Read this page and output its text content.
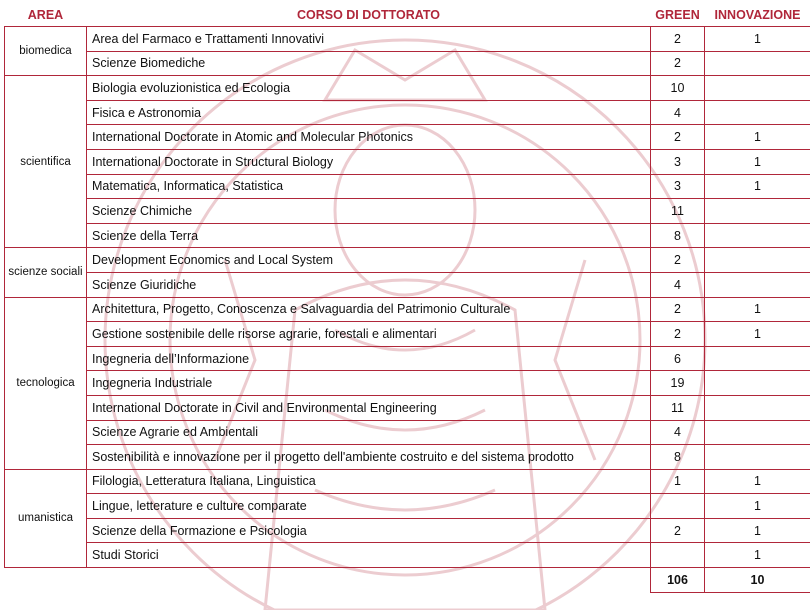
AREA	CORSO DI DOTTORATO	GREEN	INNOVAZIONE
biomedica	Area del Farmaco e Trattamenti Innovativi	2	1
	Scienze Biomediche	2	
scientifica	Biologia evoluzionistica ed Ecologia	10	
	Fisica e Astronomia	4	
	International Doctorate in Atomic and Molecular Photonics	2	1
	International Doctorate in Structural Biology	3	1
	Matematica, Informatica, Statistica	3	1
	Scienze Chimiche	11	
	Scienze della Terra	8	
scienze sociali	Development Economics and Local System	2	
	Scienze Giuridiche	4	
tecnologica	Architettura, Progetto, Conoscenza e Salvaguardia del Patrimonio Culturale	2	1
	Gestione sostenibile delle risorse agrarie, forestali e alimentari	2	1
	Ingegneria dell’Informazione	6	
	Ingegneria Industriale	19	
	International Doctorate in Civil and Environmental Engineering	11	
	Scienze Agrarie ed Ambientali	4	
	Sostenibilità e innovazione per il progetto dell'ambiente costruito e del sistema prodotto	8	
umanistica	Filologia, Letteratura Italiana, Linguistica	1	1
	Lingue, letterature e culture comparate		1
	Scienze della Formazione e Psicologia	2	1
	Studi Storici		1
		106	10
